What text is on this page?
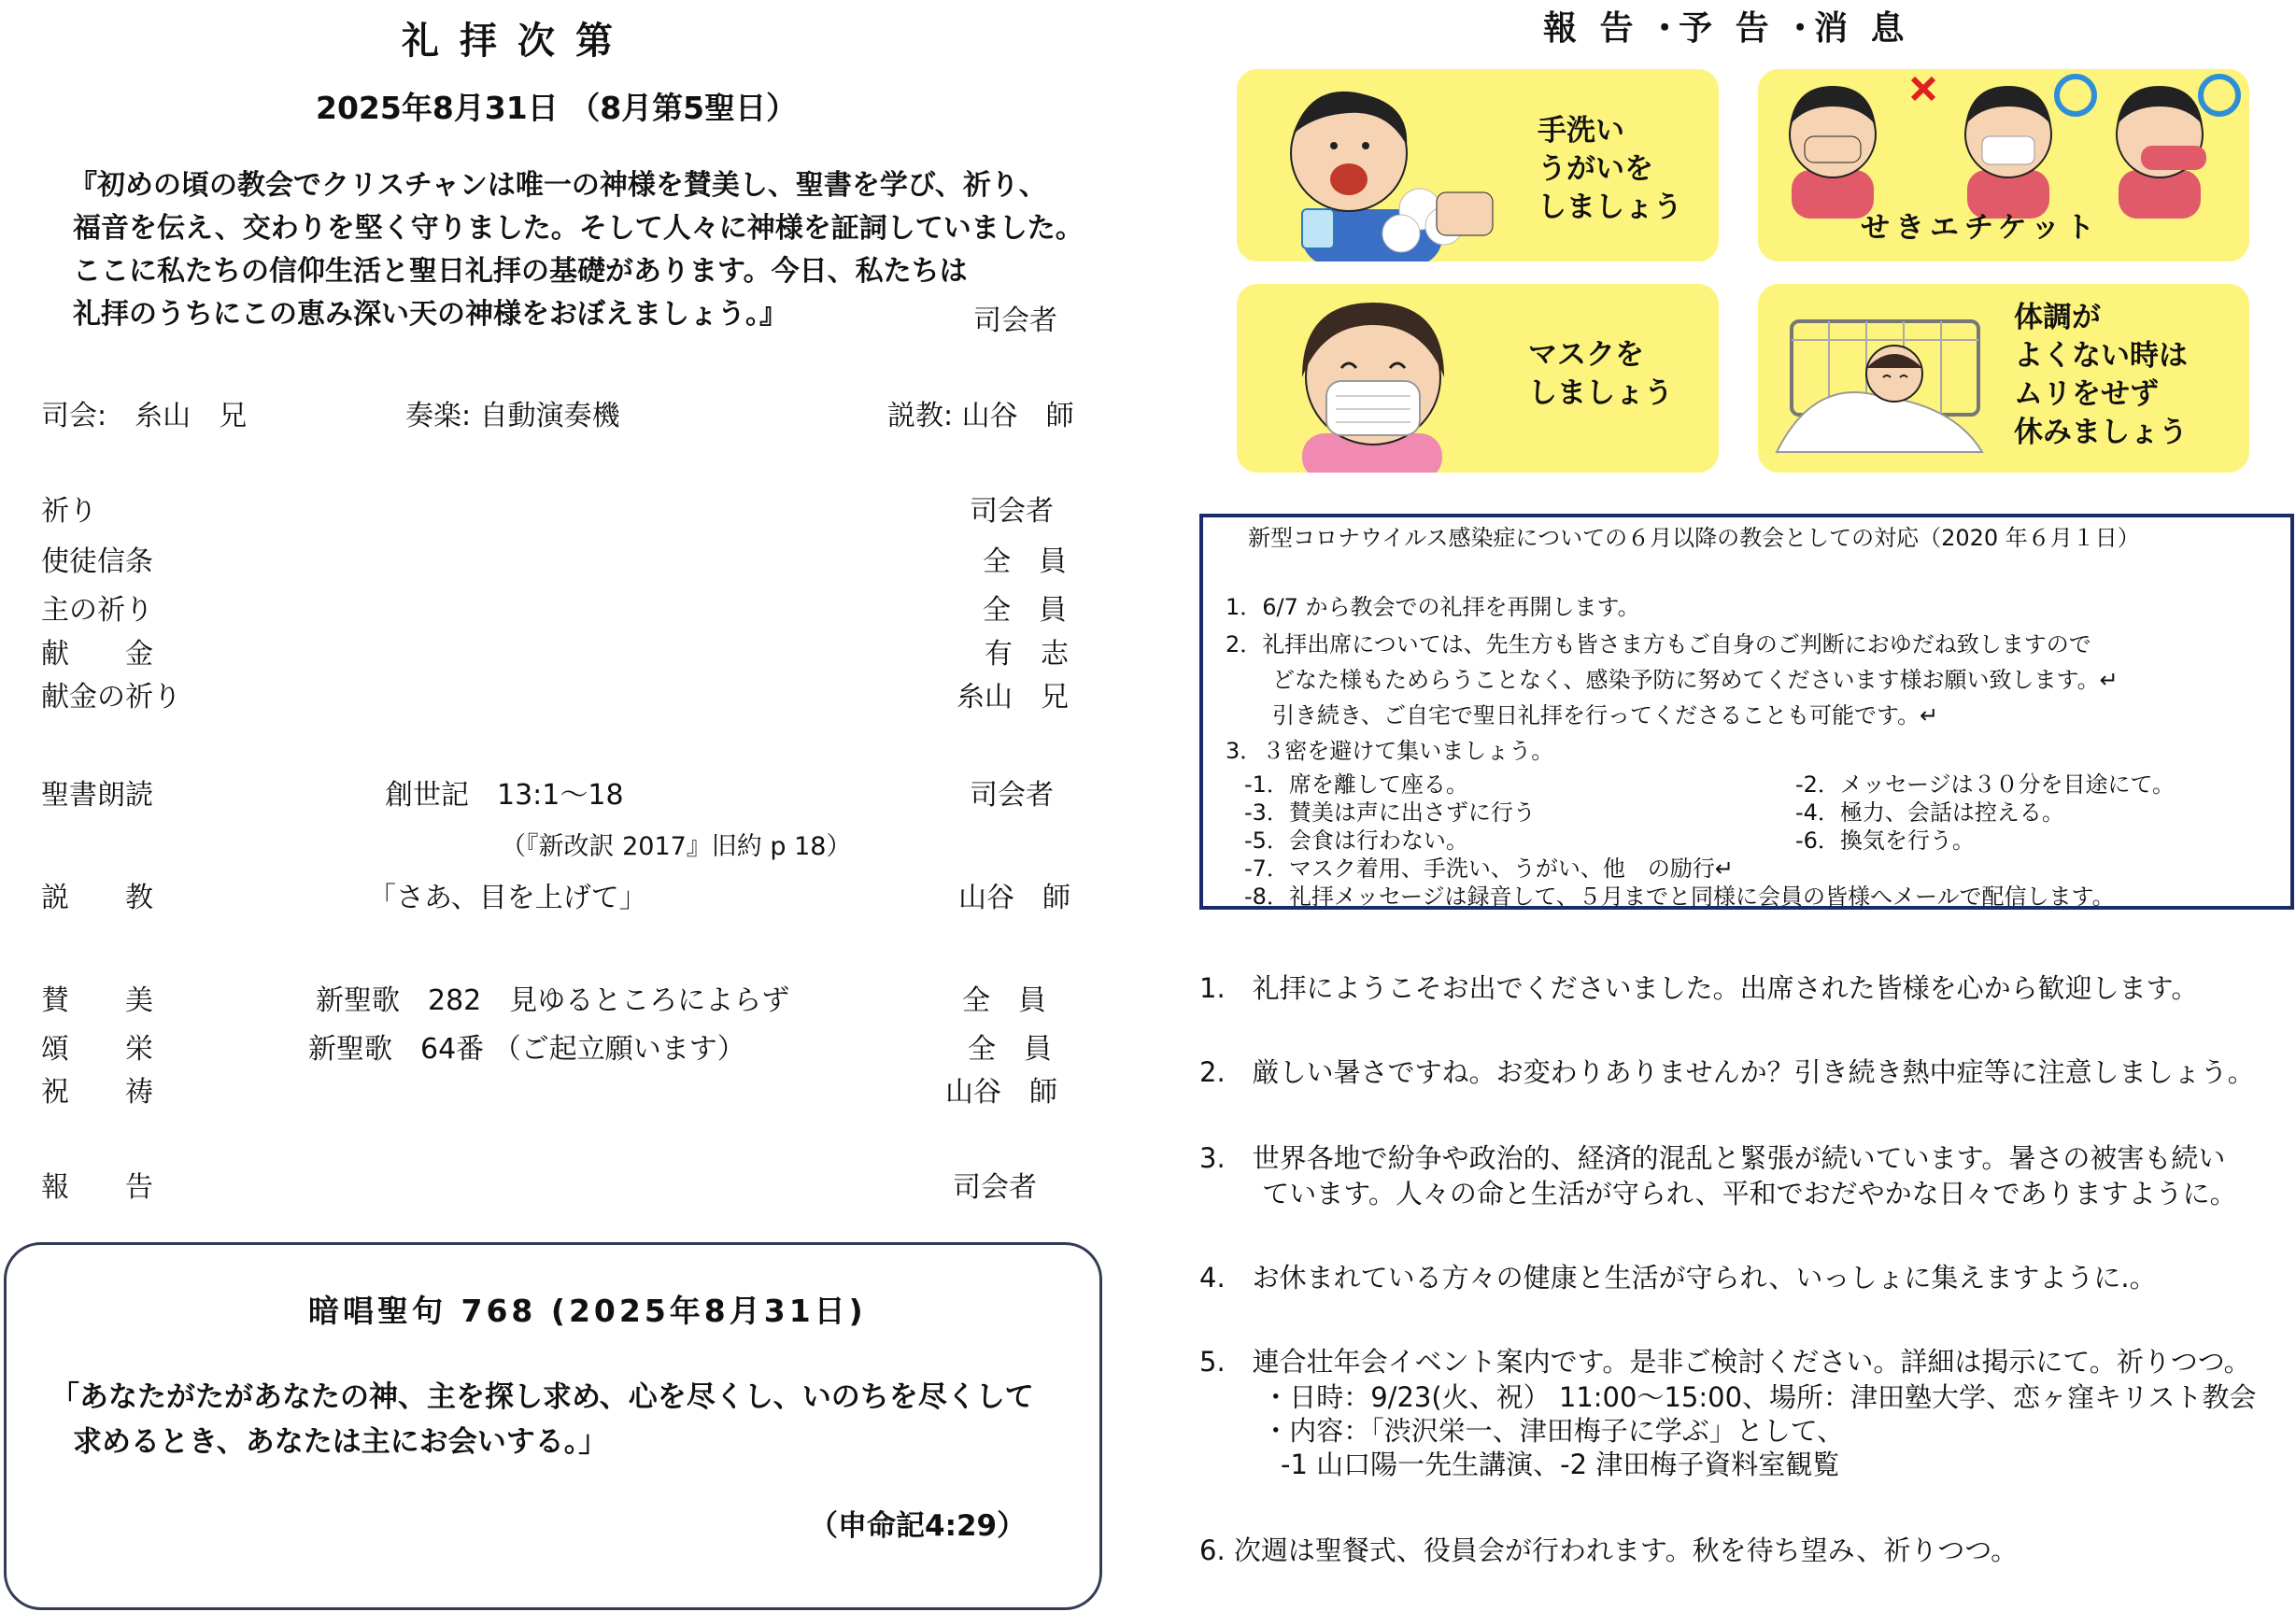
礼拝次第
2025年8月31日 （8月第5聖日）
『初めの頃の教会でクリスチャンは唯一の神様を賛美し、聖書を学び、祈り、
福音を伝え、交わりを堅く守りました。そして人々に神様を証詞していました。
ここに私たちの信仰生活と聖日礼拝の基礎があります。今日、私たちは
礼拝のうちにこの恵み深い天の神様をおぼえましょう。』	司会者
司会:　糸山　兄	奏楽: 自動演奏機	説教: 山谷　師
祈り	司会者
使徒信条	全　員
主の祈り	全　員
献　　金	有　志
献金の祈り	糸山　兄
聖書朗読	創世記　13:1～18	司会者
（『新改訳 2017』旧約 p 18）
説　　教	「さあ、目を上げて」	山谷　師
賛　　美	新聖歌　282　見ゆるところによらず	全　員
頌　　栄	新聖歌　64番 （ご起立願います）	全　員
祝　　祷	山谷　師
報　　告	司会者
暗唱聖句 768 (2025年8月31日)
「あなたがたがあなたの神、主を探し求め、心を尽くし、いのちを尽くして
求めるとき、あなたは主にお会いする。」
（申命記4:29）
報 告 ･予 告 ･消 息
手洗い
うがいを
しましょう
せきエチケット
マスクを
しましょう
体調が
よくない時は
ムリをせず
休みましょう
新型コロナウイルス感染症についての６月以降の教会としての対応（2020 年６月１日）
1．6/7 から教会での礼拝を再開します。
2．礼拝出席については、先生方も皆さま方もご自身のご判断におゆだね致しますので
どなた様もためらうことなく、感染予防に努めてくださいます様お願い致します。↵
引き続き、ご自宅で聖日礼拝を行ってくださることも可能です。↵
3．３密を避けて集いましょう。
-1．席を離して座る。
-3．賛美は声に出さずに行う
-5．会食は行わない。
-7．マスク着用、手洗い、うがい、他　の励行↵
-8．礼拝メッセージは録音して、５月までと同様に会員の皆様へメールで配信します。
-2．メッセージは３０分を目途にて。
-4．極力、会話は控える。
-6．換気を行う。
1.　礼拝にようこそお出でくださいました。出席された皆様を心から歓迎します。
2.　厳しい暑さですね。お変わりありませんか？引き続き熱中症等に注意しましょう。
3.　世界各地で紛争や政治的、経済的混乱と緊張が続いています。暑さの被害も続い
　　 ています。人々の命と生活が守られ、平和でおだやかな日々でありますように。
4.　お休まれている方々の健康と生活が守られ、いっしょに集えますように.。
5.　連合壮年会イベント案内です。是非ご検討ください。詳細は掲示にて。祈りつつ。
　　 ・日時：9/23(火、祝） 11:00～15:00、場所：津田塾大学、恋ヶ窪キリスト教会
　　 ・内容：「渋沢栄一、津田梅子に学ぶ」として、
　　　-1 山口陽一先生講演、-2 津田梅子資料室観覧
6. 次週は聖餐式、役員会が行われます。秋を待ち望み、祈りつつ。
